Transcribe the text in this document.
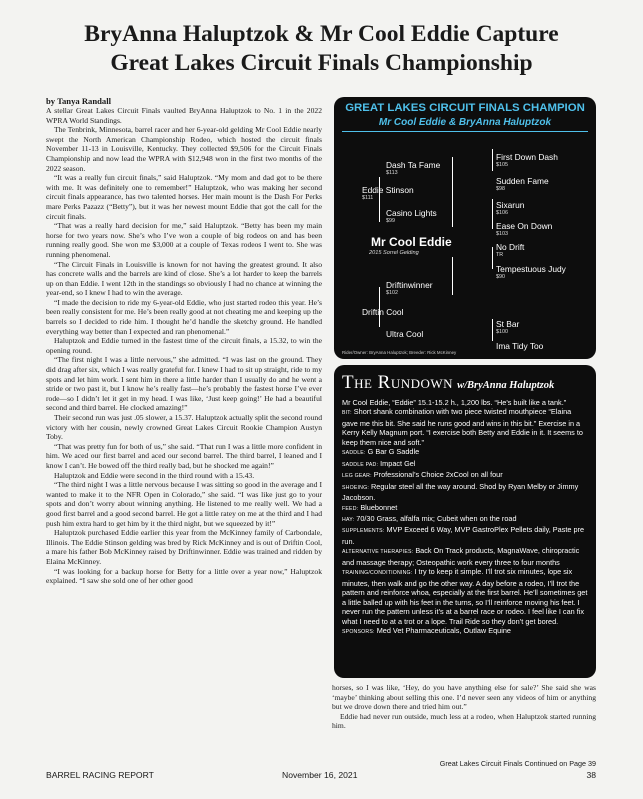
BryAnna Haluptzok & Mr Cool Eddie Capture
Great Lakes Circuit Finals Championship
by Tanya Randall

A stellar Great Lakes Circuit Finals vaulted BryAnna Haluptzok to No. 1 in the 2022 WPRA World Standings.

The Tenbrink, Minnesota, barrel racer and her 6-year-old gelding Mr Cool Eddie nearly swept the North American Championship Rodeo, which hosted the circuit finals November 11-13 in Louisville, Kentucky. They collected $9,506 for the Circuit Finals Championship and now lead the WPRA with $12,948 won in the first two months of the 2022 season.

“It was a really fun circuit finals,” said Haluptzok. “My mom and dad got to be there with me. It was definitely one to remember!” Haluptzok, who was making her second circuit finals appearance, has two talented horses. Her main mount is the Dash For Perks mare Perks Pazazz (“Betty”), but it was her newest mount Eddie that got the call for the circuit finals.

“That was a really hard decision for me,” said Haluptzok. “Betty has been my main horse for two years now. She’s who I’ve won a couple of big rodeos on and has been running really good. She won me $3,000 at a couple of Texas rodeos I went to. She was running phenomenal.

“The Circuit Finals in Louisville is known for not having the greatest ground. It also has concrete walls and the barrels are kind of close. She’s a lot harder to keep the barrels up on than Eddie. I went 12th in the standings so obviously I had no chance at winning the year-end, so I knew I had to win the average.

“I made the decision to ride my 6-year-old Eddie, who just started rodeo this year. He’s been really consistent for me. He’s been really good at not cheating me and keeping up the barrels so I decided to ride him. I thought he’d handle the sketchy ground. He handled everything way better than I expected and ran phenomenal.”

Haluptzok and Eddie turned in the fastest time of the circuit finals, a 15.32, to win the opening round.

“The first night I was a little nervous,” she admitted. “I was last on the ground. They did drag after six, which I was really grateful for. I knew I had to sit up straight, ride to my spots and let him work. I sent him in there a little harder than I usually do and he went a stride or two past it, but I know he’s really fast—he’s probably the fastest horse I’ve ever rode—so I didn’t let it get in my head. I was like, ‘Just keep going!’ He had a beautiful second and third barrel. He clocked amazing!”

Their second run was just .05 slower, a 15.37. Haluptzok actually split the second round victory with her cousin, newly crowned Great Lakes Circuit Rookie Champion Austyn Toby.

“That was pretty fun for both of us,” she said. “That run I was a little more confident in him. We aced our first barrel and aced our second barrel. The third barrel, I leaned and I know I can’t. He bowed off the third really bad, but he shocked me again!”

Haluptzok and Eddie were second in the third round with a 15.43.

“The third night I was a little nervous because I was sitting so good in the average and I wanted to make it to the NFR Open in Colorado,” she said. “I was like just go to your spots and don’t worry about winning anything. He listened to me really well. We had a good first barrel and a good second barrel. He got a little ratey on me at the third and I had push him extra hard to get him by it the third night, but we squeezed by it!”

Haluptzok purchased Eddie earlier this year from the McKinney family of Carbondale, Illinois. The Eddie Stinson gelding was bred by Rick McKinney and is out of Driftin Cool, a mare his father Bob McKinney raised by Driftinwinner. Eddie was trained and ridden by Elaina McKinney.

“I was looking for a backup horse for Betty for a little over a year now,” Haluptzok explained. “I saw she sold one of her other good

GREAT LAKES CIRCUIT FINALS CHAMPION
Mr Cool Eddie & BryAnna Haluptzok
Dash Ta Fame
$113
First Down Dash
$105
Sudden Fame
$98
Eddie Stinson
$111
Sixarun
$106
Casino Lights
$99	Ease On Down
$103
Mr Cool Eddie
2015 Sorrel Gelding
No Drift
TR
Driftinwinner
$102
Tempestuous Judy
$90
Driftin Cool
St Bar
$100
Ultra Cool
Ima Tidy Too
Rider/Owner: BryAnna Haluptzok; Breeder: Rick McKinney
The Rundown w/BryAnna Haluptzok

Mr Cool Eddie, “Eddie” 15.1-15.2 h., 1,200 lbs. “He’s built like a tank.”

BIT: Short shank combination with two piece twisted mouthpiece “Elaina gave me this bit. She said he runs good and wins in this bit.” Exercise in a Kerry Kelly Magnum port. “I exercise both Betty and Eddie in it. It seems to keep them nice and soft.”

SADDLE: G Bar G Saddle

SADDLE PAD: Impact Gel

LEG GEAR: Professional’s Choice 2xCool on all four

SHOEING: Regular steel all the way around. Shod by Ryan Melby or Jimmy Jacobson.

FEED: Bluebonnet

HAY: 70/30 Grass, alfalfa mix; Cubeit when on the road

SUPPLEMENTS: MVP Exceed 6 Way, MVP GastroPlex Pellets daily, Paste pre run.

ALTERNATIVE THERAPIES: Back On Track products, MagnaWave, chiropractic and massage therapy; Osteopathic work every three to four months

TRAINING/CONDITIONING: I try to keep it simple. I’ll trot six minutes, lope six minutes, then walk and go the other way. A day before a rodeo, I’ll trot the pattern and reinforce whoa, especially at the first barrel. He’ll sometimes get a little balled up with his feet in the turns, so I’ll reinforce moving his feet. I never run the pattern unless it’s at a barrel race or rodeo. I feel like I can fix what I need to at a trot or a lope. Trail Ride so they don’t get bored.

SPONSORS: Med Vet Pharmaceuticals, Outlaw Equine

horses, so I was like, ‘Hey, do you have anything else for sale?’ She said she was ‘maybe’ thinking about selling this one. I’d never seen any videos of him or anything but we drove down there and tried him out.”

Eddie had never run outside, much less at a rodeo, when Haluptzok started running him.

Great Lakes Circuit Finals Continued on Page 39
BARREL RACING REPORT	November 16, 2021	38
